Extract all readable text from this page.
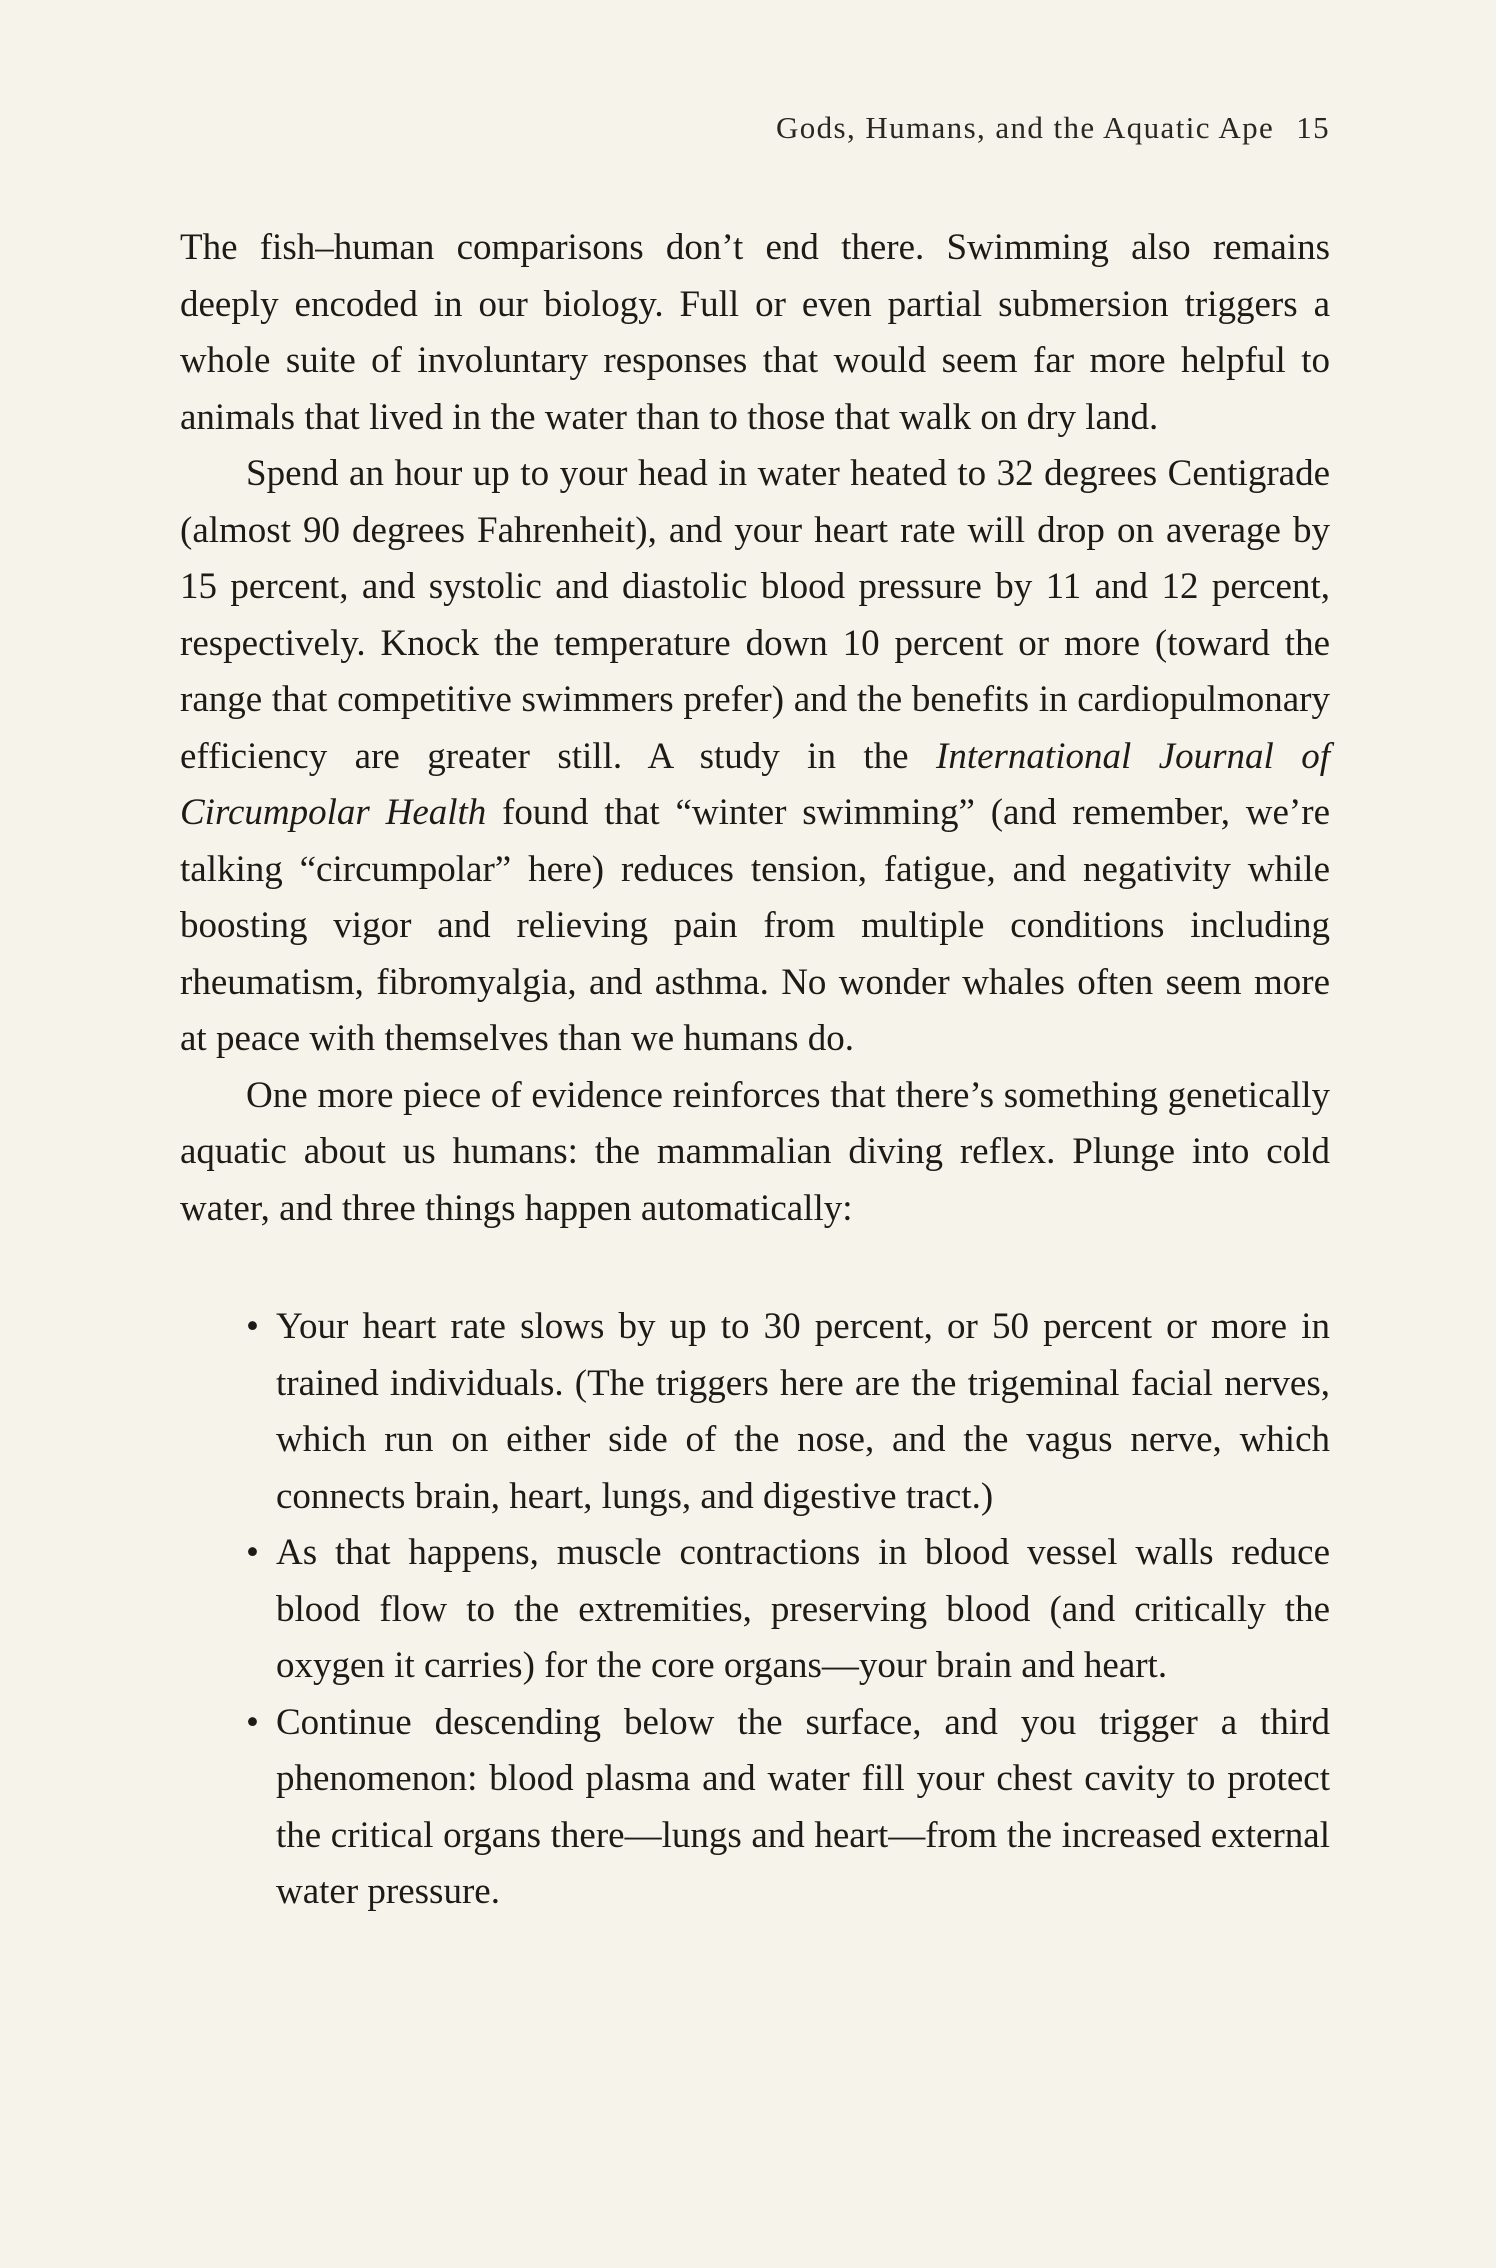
Gods, Humans, and the Aquatic Ape 15

The fish–human comparisons don’t end there. Swimming also remains deeply encoded in our biology. Full or even partial submersion triggers a whole suite of involuntary responses that would seem far more helpful to animals that lived in the water than to those that walk on dry land.

Spend an hour up to your head in water heated to 32 degrees Centigrade (almost 90 degrees Fahrenheit), and your heart rate will drop on average by 15 percent, and systolic and diastolic blood pressure by 11 and 12 percent, respectively. Knock the temperature down 10 percent or more (toward the range that competitive swimmers prefer) and the benefits in cardiopulmonary efficiency are greater still. A study in the International Journal of Circumpolar Health found that “winter swimming” (and remember, we’re talking “circumpolar” here) reduces tension, fatigue, and negativity while boosting vigor and relieving pain from multiple conditions including rheumatism, fibromyalgia, and asthma. No wonder whales often seem more at peace with themselves than we humans do.

One more piece of evidence reinforces that there’s something genetically aquatic about us humans: the mammalian diving reflex. Plunge into cold water, and three things happen automatically:

• Your heart rate slows by up to 30 percent, or 50 percent or more in trained individuals. (The triggers here are the trigeminal facial nerves, which run on either side of the nose, and the vagus nerve, which connects brain, heart, lungs, and digestive tract.)
• As that happens, muscle contractions in blood vessel walls reduce blood flow to the extremities, preserving blood (and critically the oxygen it carries) for the core organs—your brain and heart.
• Continue descending below the surface, and you trigger a third phenomenon: blood plasma and water fill your chest cavity to protect the critical organs there—lungs and heart—from the increased external water pressure.
